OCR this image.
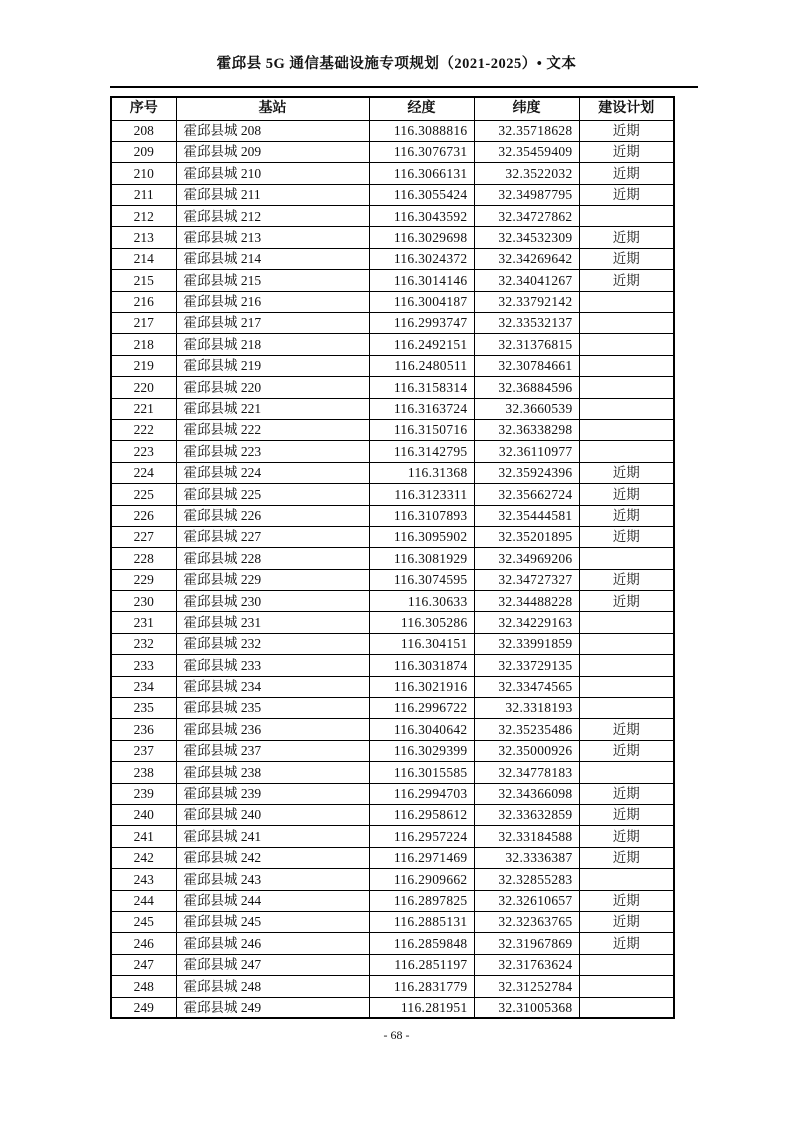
霍邱县 5G 通信基础设施专项规划（2021-2025）• 文本
序号	基站	经度	纬度	建设计划
208	霍邱县城 208	116.3088816	32.35718628	近期
209	霍邱县城 209	116.3076731	32.35459409	近期
210	霍邱县城 210	116.3066131	32.3522032	近期
211	霍邱县城 211	116.3055424	32.34987795	近期
212	霍邱县城 212	116.3043592	32.34727862	
213	霍邱县城 213	116.3029698	32.34532309	近期
214	霍邱县城 214	116.3024372	32.34269642	近期
215	霍邱县城 215	116.3014146	32.34041267	近期
216	霍邱县城 216	116.3004187	32.33792142	
217	霍邱县城 217	116.2993747	32.33532137	
218	霍邱县城 218	116.2492151	32.31376815	
219	霍邱县城 219	116.2480511	32.30784661	
220	霍邱县城 220	116.3158314	32.36884596	
221	霍邱县城 221	116.3163724	32.3660539	
222	霍邱县城 222	116.3150716	32.36338298	
223	霍邱县城 223	116.3142795	32.36110977	
224	霍邱县城 224	116.31368	32.35924396	近期
225	霍邱县城 225	116.3123311	32.35662724	近期
226	霍邱县城 226	116.3107893	32.35444581	近期
227	霍邱县城 227	116.3095902	32.35201895	近期
228	霍邱县城 228	116.3081929	32.34969206	
229	霍邱县城 229	116.3074595	32.34727327	近期
230	霍邱县城 230	116.30633	32.34488228	近期
231	霍邱县城 231	116.305286	32.34229163	
232	霍邱县城 232	116.304151	32.33991859	
233	霍邱县城 233	116.3031874	32.33729135	
234	霍邱县城 234	116.3021916	32.33474565	
235	霍邱县城 235	116.2996722	32.3318193	
236	霍邱县城 236	116.3040642	32.35235486	近期
237	霍邱县城 237	116.3029399	32.35000926	近期
238	霍邱县城 238	116.3015585	32.34778183	
239	霍邱县城 239	116.2994703	32.34366098	近期
240	霍邱县城 240	116.2958612	32.33632859	近期
241	霍邱县城 241	116.2957224	32.33184588	近期
242	霍邱县城 242	116.2971469	32.3336387	近期
243	霍邱县城 243	116.2909662	32.32855283	
244	霍邱县城 244	116.2897825	32.32610657	近期
245	霍邱县城 245	116.2885131	32.32363765	近期
246	霍邱县城 246	116.2859848	32.31967869	近期
247	霍邱县城 247	116.2851197	32.31763624	
248	霍邱县城 248	116.2831779	32.31252784	
249	霍邱县城 249	116.281951	32.31005368	
- 68 -
